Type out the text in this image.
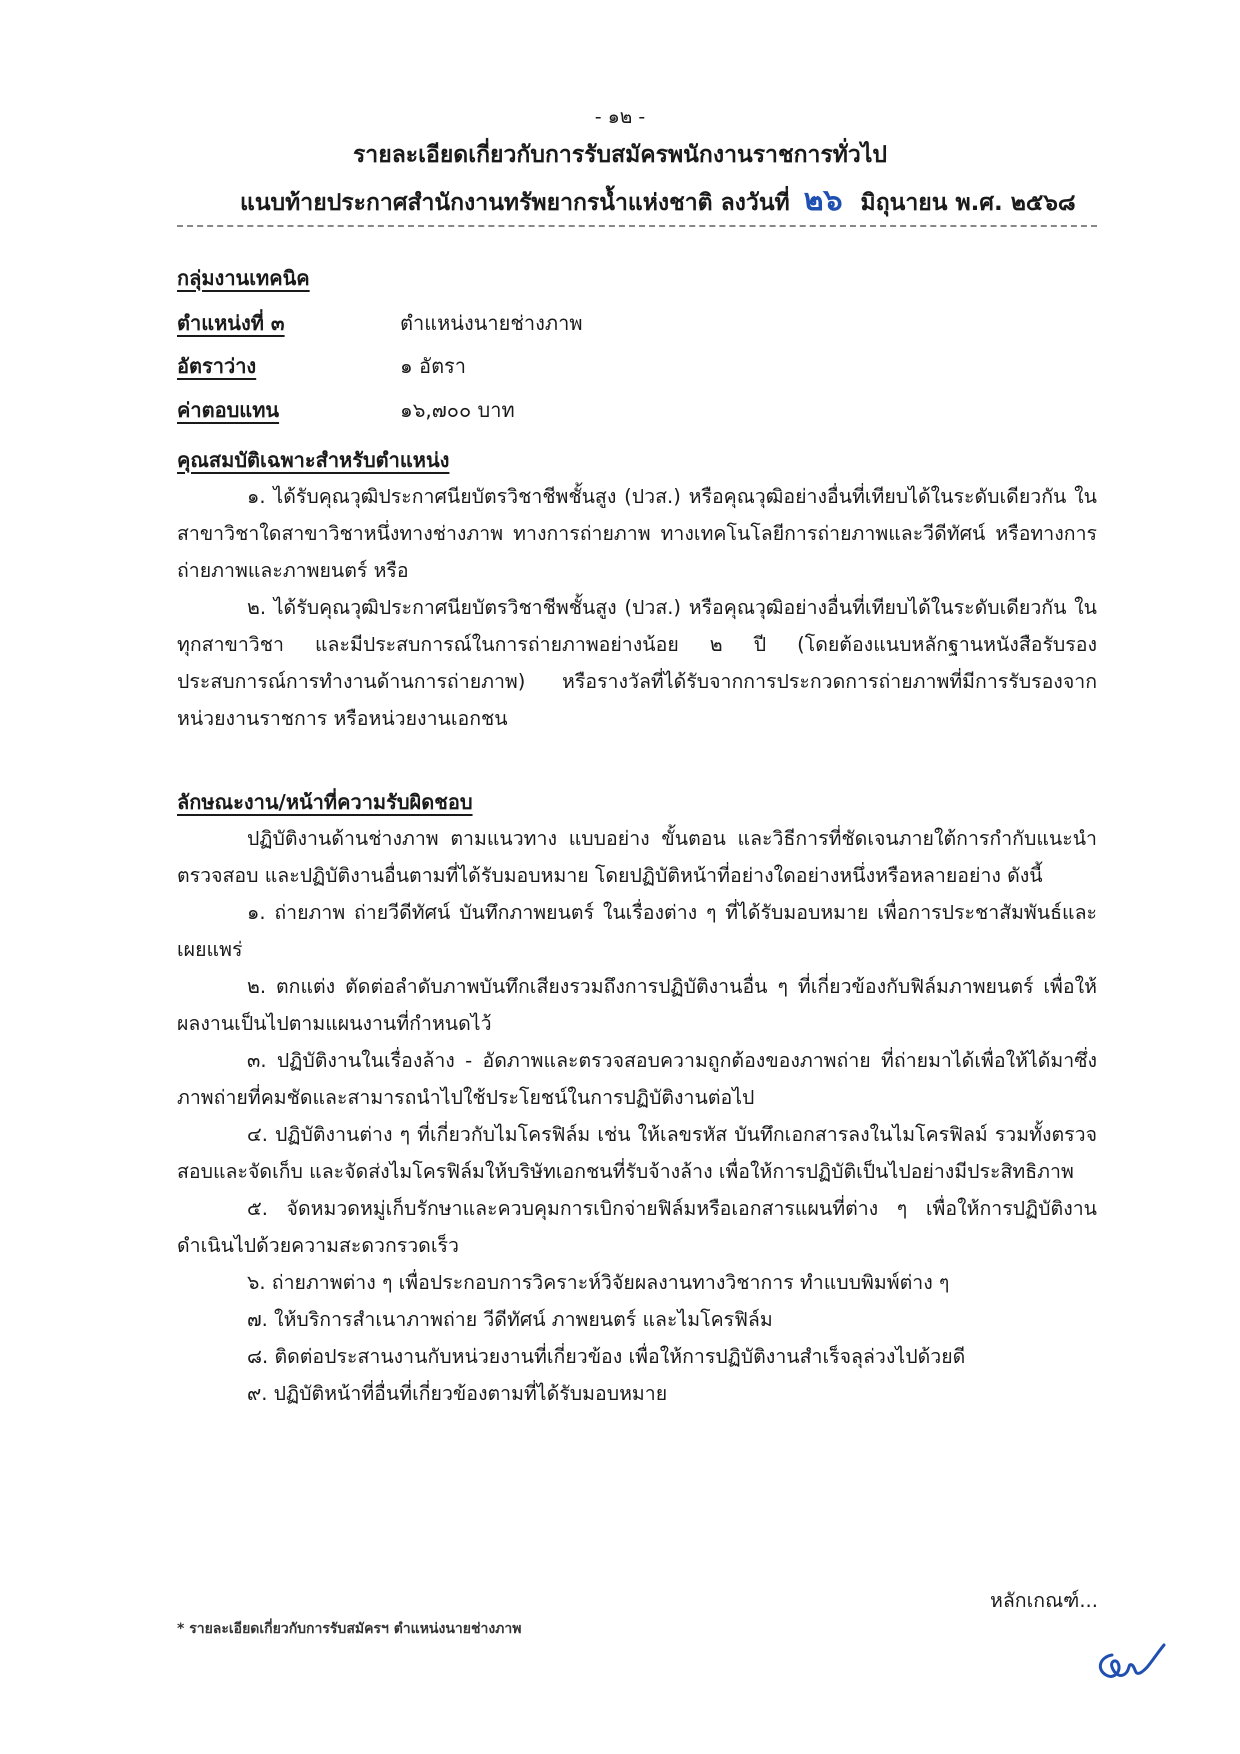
- ๑๒ -
รายละเอียดเกี่ยวกับการรับสมัครพนักงานราชการทั่วไป
แนบท้ายประกาศสำนักงานทรัพยากรน้ำแห่งชาติ ลงวันที่ ๒๖ มิถุนายน พ.ศ. ๒๕๖๘
กลุ่มงานเทคนิค
ตำแหน่งที่ ๓	ตำแหน่งนายช่างภาพ
อัตราว่าง	๑ อัตรา
ค่าตอบแทน	๑๖,๗๐๐ บาท
คุณสมบัติเฉพาะสำหรับตำแหน่ง

๑. ได้รับคุณวุฒิประกาศนียบัตรวิชาชีพชั้นสูง (ปวส.) หรือคุณวุฒิอย่างอื่นที่เทียบได้ในระดับเดียวกัน ในสาขาวิชาใดสาขาวิชาหนึ่งทางช่างภาพ ทางการถ่ายภาพ ทางเทคโนโลยีการถ่ายภาพและวีดีทัศน์ หรือทางการถ่ายภาพและภาพยนตร์ หรือ

๒. ได้รับคุณวุฒิประกาศนียบัตรวิชาชีพชั้นสูง (ปวส.) หรือคุณวุฒิอย่างอื่นที่เทียบได้ในระดับเดียวกัน ในทุกสาขาวิชา และมีประสบการณ์ในการถ่ายภาพอย่างน้อย ๒ ปี (โดยต้องแนบหลักฐานหนังสือรับรองประสบการณ์การทำงานด้านการถ่ายภาพ) หรือรางวัลที่ได้รับจากการประกวดการถ่ายภาพที่มีการรับรองจากหน่วยงานราชการ หรือหน่วยงานเอกชน

ลักษณะงาน/หน้าที่ความรับผิดชอบ

ปฏิบัติงานด้านช่างภาพ ตามแนวทาง แบบอย่าง ขั้นตอน และวิธีการที่ชัดเจนภายใต้การกำกับแนะนำตรวจสอบ และปฏิบัติงานอื่นตามที่ได้รับมอบหมาย โดยปฏิบัติหน้าที่อย่างใดอย่างหนึ่งหรือหลายอย่าง ดังนี้

๑. ถ่ายภาพ ถ่ายวีดีทัศน์ บันทึกภาพยนตร์ ในเรื่องต่าง ๆ ที่ได้รับมอบหมาย เพื่อการประชาสัมพันธ์และเผยแพร่

๒. ตกแต่ง ตัดต่อลำดับภาพบันทึกเสียงรวมถึงการปฏิบัติงานอื่น ๆ ที่เกี่ยวข้องกับฟิล์มภาพยนตร์ เพื่อให้ผลงานเป็นไปตามแผนงานที่กำหนดไว้

๓. ปฏิบัติงานในเรื่องล้าง - อัดภาพและตรวจสอบความถูกต้องของภาพถ่าย ที่ถ่ายมาได้เพื่อให้ได้มาซึ่งภาพถ่ายที่คมชัดและสามารถนำไปใช้ประโยชน์ในการปฏิบัติงานต่อไป

๔. ปฏิบัติงานต่าง ๆ ที่เกี่ยวกับไมโครฟิล์ม เช่น ให้เลขรหัส บันทึกเอกสารลงในไมโครฟิลม์ รวมทั้งตรวจสอบและจัดเก็บ และจัดส่งไมโครฟิล์มให้บริษัทเอกชนที่รับจ้างล้าง เพื่อให้การปฏิบัติเป็นไปอย่างมีประสิทธิภาพ

๕. จัดหมวดหมู่เก็บรักษาและควบคุมการเบิกจ่ายฟิล์มหรือเอกสารแผนที่ต่าง ๆ เพื่อให้การปฏิบัติงานดำเนินไปด้วยความสะดวกรวดเร็ว

๖. ถ่ายภาพต่าง ๆ เพื่อประกอบการวิคราะห์วิจัยผลงานทางวิชาการ ทำแบบพิมพ์ต่าง ๆ

๗. ให้บริการสำเนาภาพถ่าย วีดีทัศน์ ภาพยนตร์ และไมโครฟิล์ม

๘. ติดต่อประสานงานกับหน่วยงานที่เกี่ยวข้อง เพื่อให้การปฏิบัติงานสำเร็จลุล่วงไปด้วยดี

๙. ปฏิบัติหน้าที่อื่นที่เกี่ยวข้องตามที่ได้รับมอบหมาย

หลักเกณฑ์...
* รายละเอียดเกี่ยวกับการรับสมัครฯ ตำแหน่งนายช่างภาพ
